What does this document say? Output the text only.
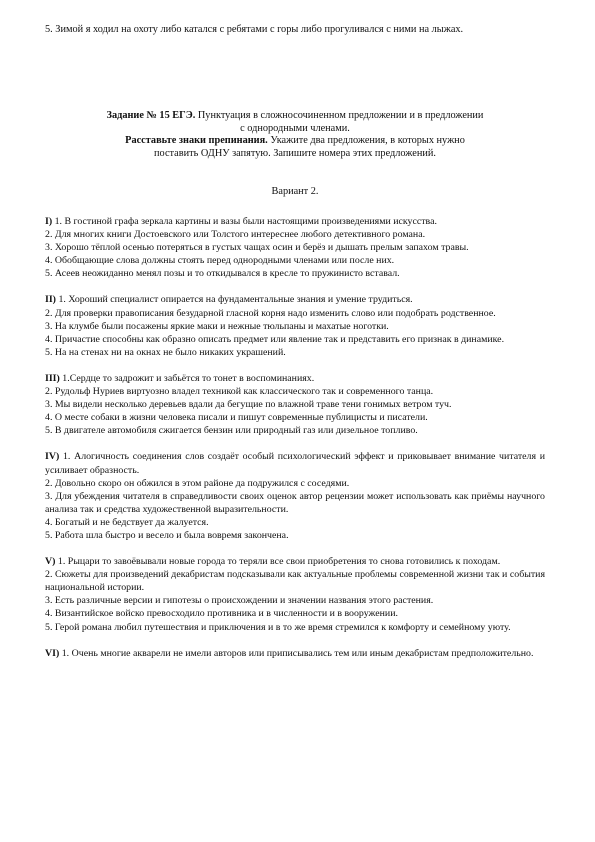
5. Зимой я ходил на охоту либо катался с ребятами с горы либо прогуливался с ними на лыжах.
Задание № 15 ЕГЭ. Пунктуация в сложносочиненном предложении и в предложении
с однородными членами.
Расставьте знаки препинания. Укажите два предложения, в которых нужно
поставить ОДНУ запятую. Запишите номера этих предложений.
Вариант 2.
I) 1. В гостиной графа зеркала картины и вазы были настоящими произведениями искусства.
2. Для многих книги Достоевского или Толстого интереснее любого детективного романа.
3. Хорошо тёплой осенью потеряться в густых чащах осин и берёз и дышать прелым запахом травы.
4. Обобщающие слова должны стоять перед однородными членами или после них.
5. Асеев неожиданно менял позы и то откидывался в кресле то пружинисто вставал.
II) 1. Хороший специалист опирается на фундаментальные знания и умение трудиться.
2. Для проверки правописания безударной гласной корня надо изменить слово или подобрать родственное.
3. На клумбе были посажены яркие маки и нежные тюльпаны и махатые ноготки.
4. Причастие способны как образно описать предмет или явление так и представить его признак в динамике.
5. На на стенах ни на окнах не было никаких украшений.
III) 1.Сердце то задрожит и забьётся то тонет в воспоминаниях.
2. Рудольф Нуриев виртуозно владел техникой как классического так и современного танца.
3. Мы видели несколько деревьев вдали да бегущие по влажной траве тени гонимых ветром туч.
4. О месте собаки в жизни человека писали и пишут современные публицисты и писатели.
5. В двигателе автомобиля сжигается бензин или природный газ или дизельное топливо.
IV) 1. Алогичность соединения слов создаёт особый психологический эффект и приковывает внимание читателя и усиливает образность.
2. Довольно скоро он обжился в этом районе да подружился с соседями.
3. Для убеждения читателя в справедливости своих оценок автор рецензии может использовать как приёмы научного анализа так и средства художественной выразительности.
4. Богатый и не бедствует да жалуется.
5. Работа шла быстро и весело и была вовремя закончена.
V) 1. Рыцари то завоёвывали новые города то теряли все свои приобретения то снова готовились к походам.
2. Сюжеты для произведений декабристам подсказывали как актуальные проблемы современной жизни так и события национальной истории.
3. Есть различные версии и гипотезы о происхождении и значении названия этого растения.
4. Византийское войско превосходило противника и в численности и в вооружении.
5. Герой романа любил путешествия и приключения и в то же время стремился к комфорту и семейному уюту.
VI) 1. Очень многие акварели не имели авторов или приписывались тем или иным декабристам предположительно.
